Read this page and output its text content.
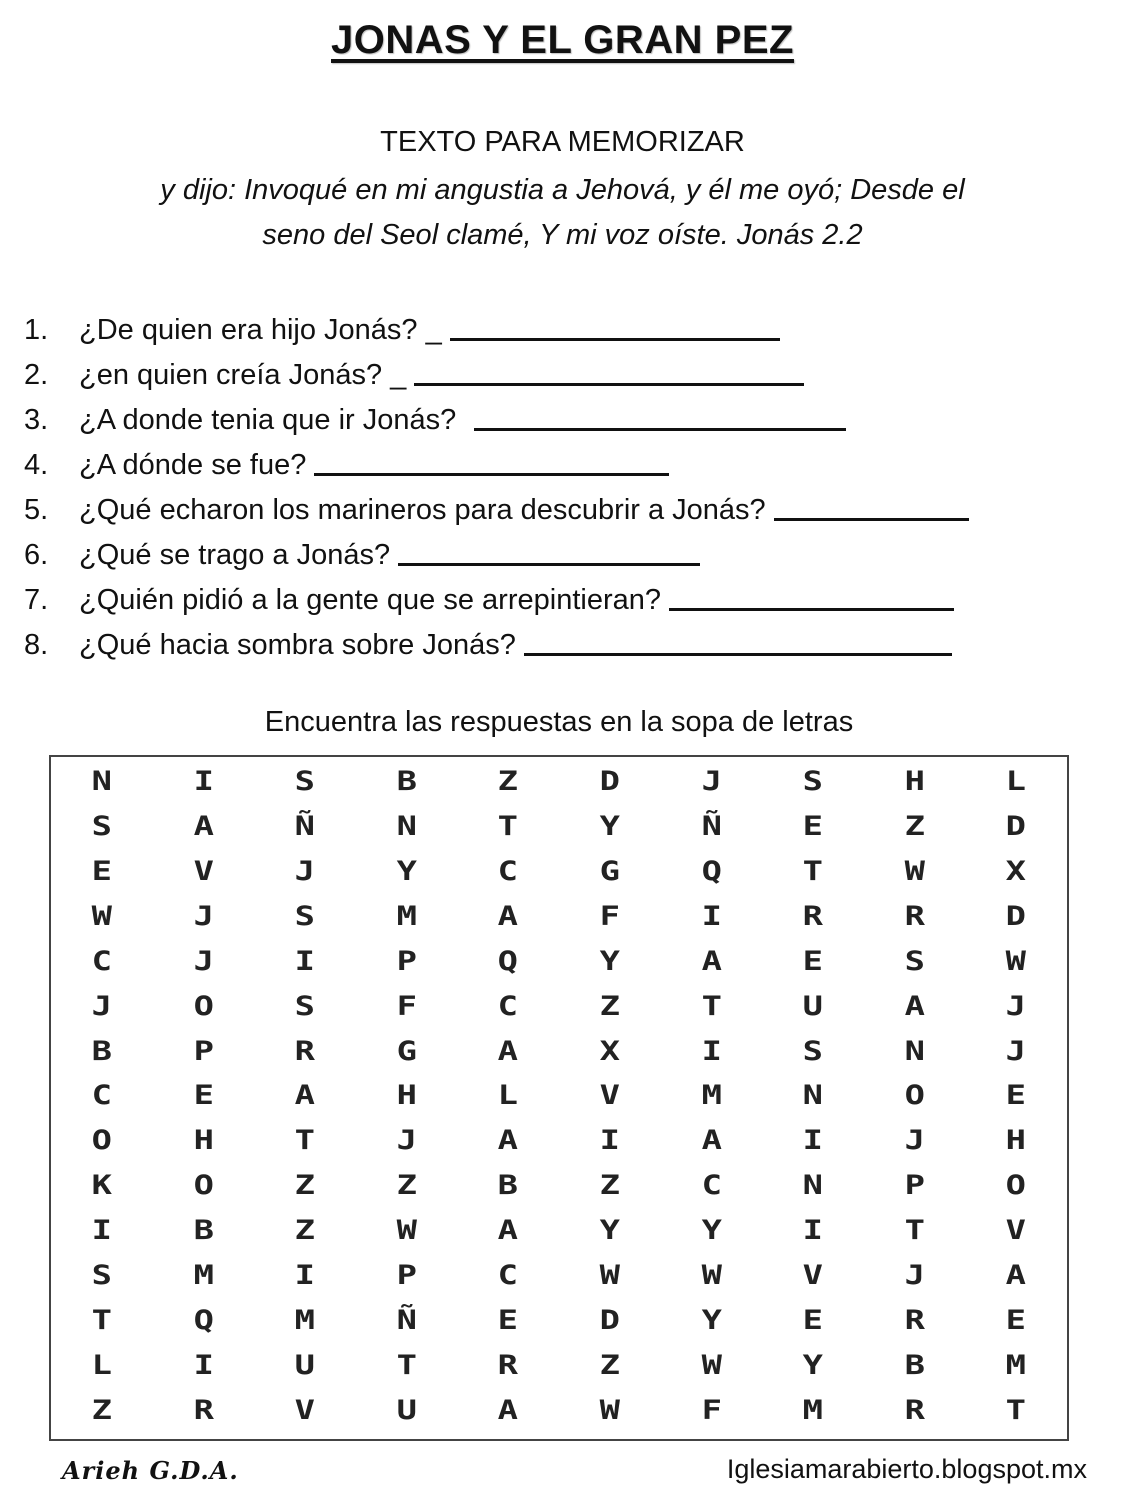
JONAS Y EL GRAN PEZ
TEXTO PARA MEMORIZAR
y dijo: Invoqué en mi angustia a Jehová, y él me oyó; Desde el
seno del Seol clamé, Y mi voz oíste. Jonás 2.2
1.	¿De quien era hijo Jonás? _
2.	¿en quien creía Jonás? _
3.	¿A donde tenia que ir Jonás?
4.	¿A dónde se fue?
5.	¿Qué echaron los marineros para descubrir a Jonás?
6.	¿Qué se trago a Jonás?
7.	¿Quién pidió a la gente que se arrepintieran?
8.	¿Qué hacia sombra sobre Jonás?
Encuentra las respuestas en la sopa de letras
N	I	S	B	Z	D	J	S	H	L
S	A	Ñ	N	T	Y	Ñ	E	Z	D
E	V	J	Y	C	G	Q	T	W	X
W	J	S	M	A	F	I	R	R	D
C	J	I	P	Q	Y	A	E	S	W
J	O	S	F	C	Z	T	U	A	J
B	P	R	G	A	X	I	S	N	J
C	E	A	H	L	V	M	N	O	E
O	H	T	J	A	I	A	I	J	H
K	O	Z	Z	B	Z	C	N	P	O
I	B	Z	W	A	Y	Y	I	T	V
S	M	I	P	C	W	W	V	J	A
T	Q	M	Ñ	E	D	Y	E	R	E
L	I	U	T	R	Z	W	Y	B	M
Z	R	V	U	A	W	F	M	R	T
Arieh G.D.A.	Iglesiamarabierto.blogspot.mx
